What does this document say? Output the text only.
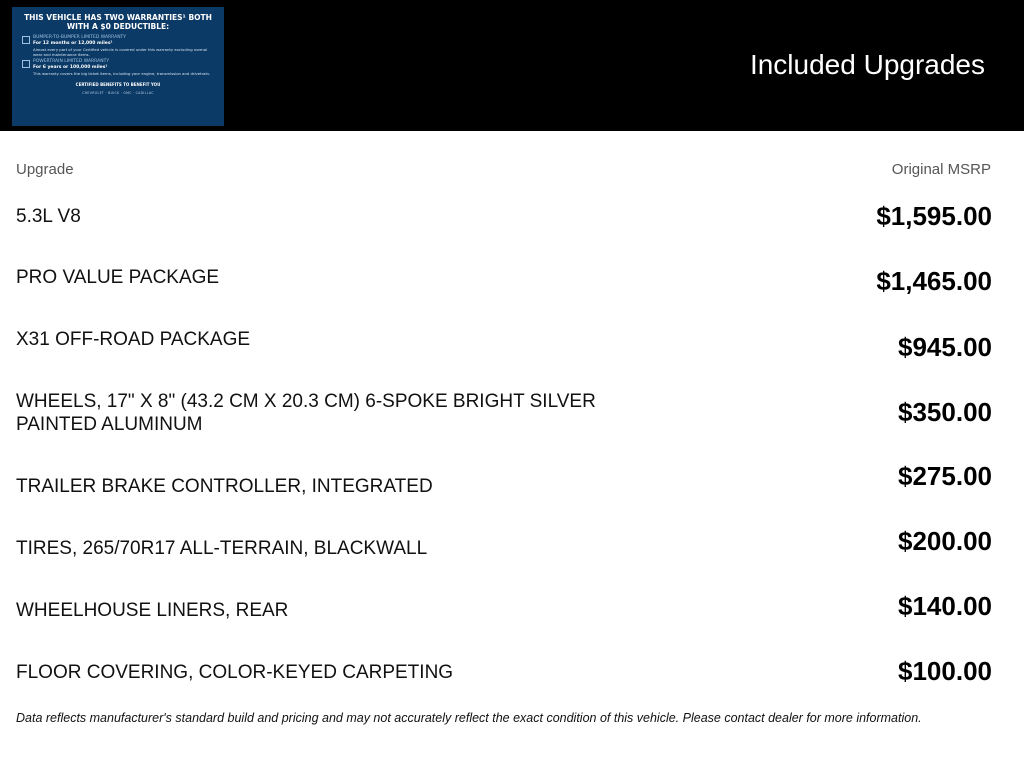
THIS VEHICLE HAS TWO WARRANTIES¹ BOTH WITH A $0 DEDUCTIBLE:
BUMPER-TO-BUMPER LIMITED WARRANTY
For 12 months or 12,000 miles¹
Almost every part of your Certified vehicle is covered under this warranty excluding normal wear and maintenance items.
POWERTRAIN LIMITED WARRANTY
For 6 years or 100,000 miles¹
This warranty covers the big ticket items, including your engine, transmission and drivetrain.
CERTIFIED BENEFITS TO BENEFIT YOU
CHEVROLET · BUICK · GMC · CADILLAC
Included Upgrades
Upgrade	Original MSRP
5.3L V8	$1,595.00
PRO VALUE PACKAGE	$1,465.00
X31 OFF-ROAD PACKAGE	$945.00
WHEELS, 17" X 8" (43.2 CM X 20.3 CM) 6-SPOKE BRIGHT SILVER PAINTED ALUMINUM	$350.00
TRAILER BRAKE CONTROLLER, INTEGRATED	$275.00
TIRES, 265/70R17 ALL-TERRAIN, BLACKWALL	$200.00
WHEELHOUSE LINERS, REAR	$140.00
FLOOR COVERING, COLOR-KEYED CARPETING	$100.00
Data reflects manufacturer's standard build and pricing and may not accurately reflect the exact condition of this vehicle. Please contact dealer for more information.
